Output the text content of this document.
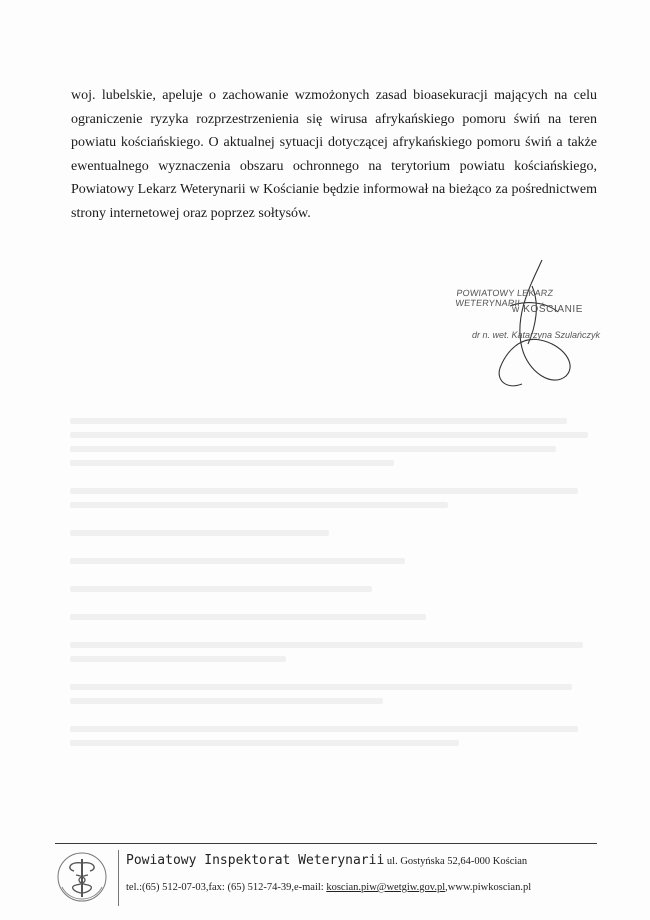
woj. lubelskie, apeluje o zachowanie wzmożonych zasad bioasekuracji mających na celu ograniczenie ryzyka rozprzestrzenienia się wirusa afrykańskiego pomoru świń na teren powiatu kościańskiego. O aktualnej sytuacji dotyczącej afrykańskiego pomoru świń a także ewentualnego wyznaczenia obszaru ochronnego na terytorium powiatu kościańskiego, Powiatowy Lekarz Weterynarii w Kościanie będzie informował na bieżąco za pośrednictwem strony internetowej oraz poprzez sołtysów.

POWIATOWY LEKARZ WETERYNARII
w KOŚCIANIE
dr n. wet. Katarzyna Szulańczyk
Powiatowy Inspektorat Weterynarii ul. Gostyńska 52,64-000 Kościan
tel.:(65) 512-07-03,fax: (65) 512-74-39,e-mail: koscian.piw@wetgiw.gov.pl,www.piwkoscian.pl
